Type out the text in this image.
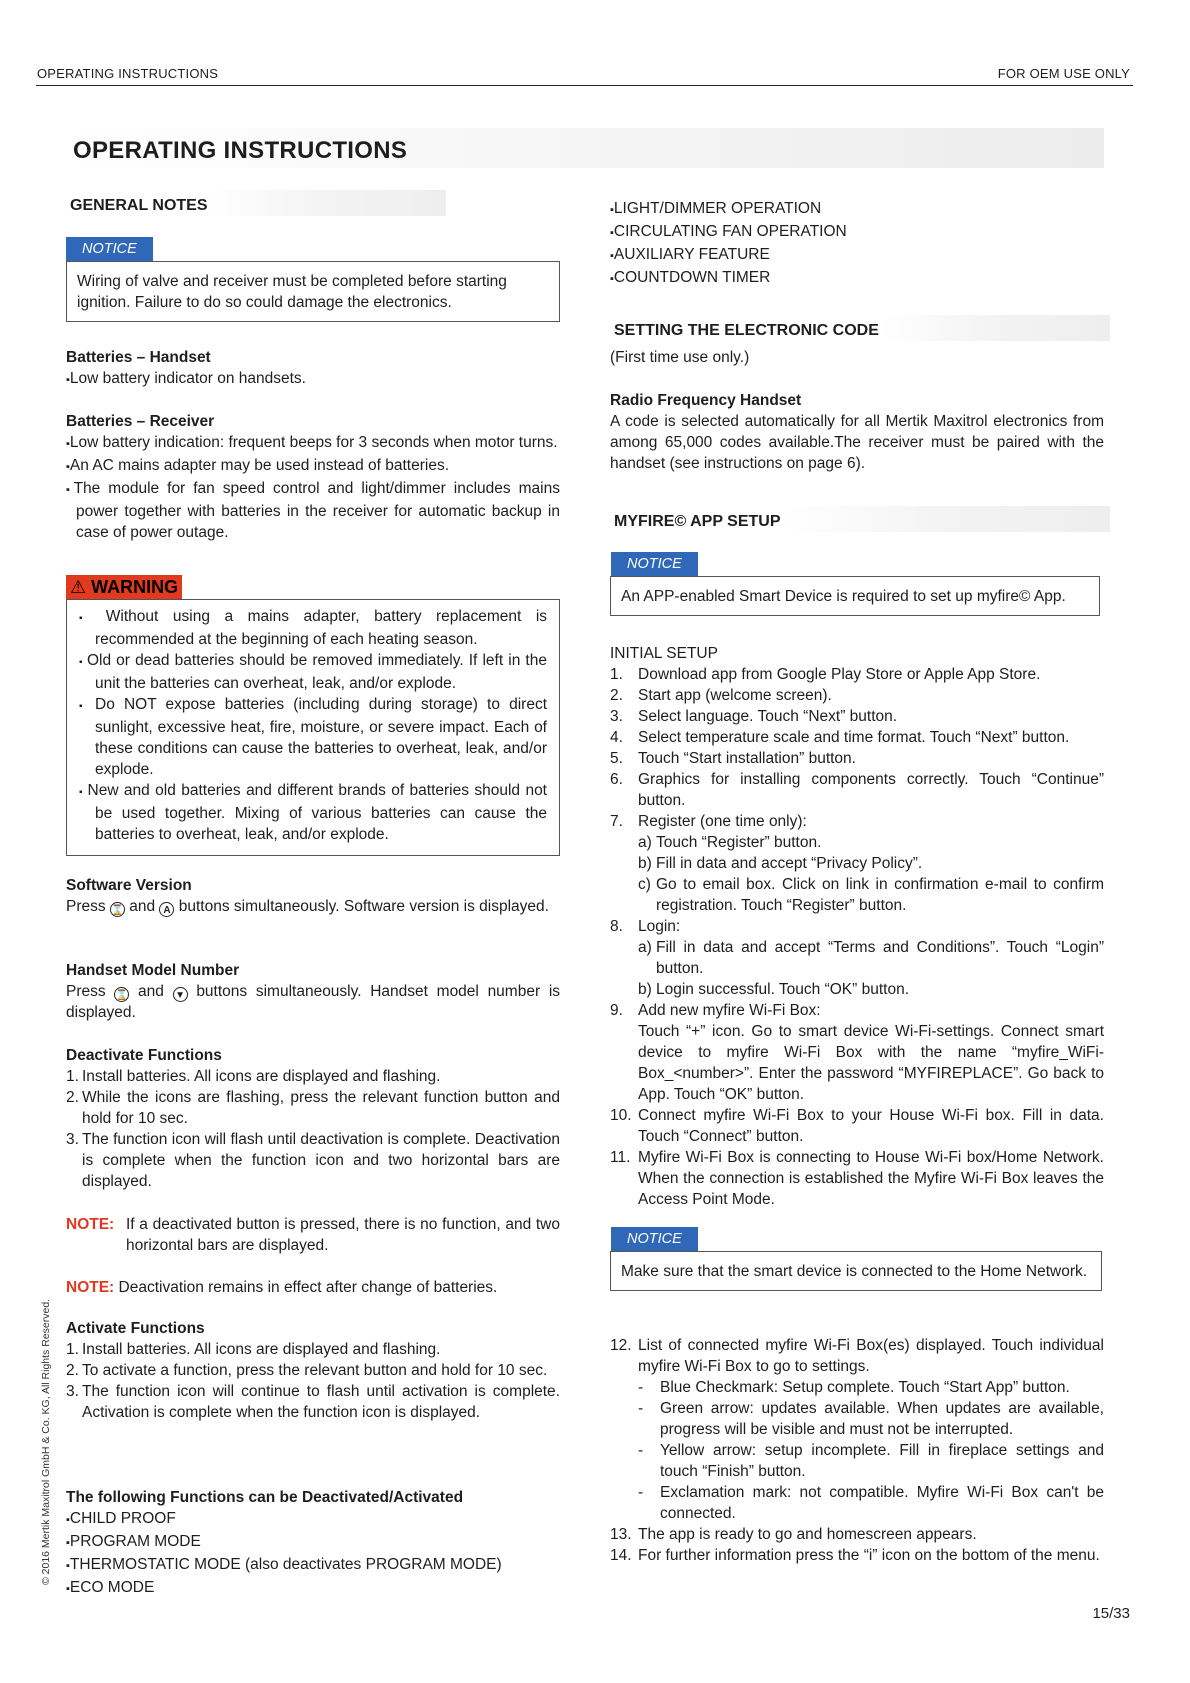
OPERATING INSTRUCTIONS	FOR OEM USE ONLY
OPERATING INSTRUCTIONS
GENERAL NOTES
NOTICE

Wiring of valve and receiver must be completed before starting ignition. Failure to do so could damage the electronics.

Batteries – Handset
▪ Low battery indicator on handsets.
Batteries – Receiver
▪ Low battery indication: frequent beeps for 3 seconds when motor turns.
▪ An AC mains adapter may be used instead of batteries.
▪ The module for fan speed control and light/dimmer includes mains power together with batteries in the receiver for automatic backup in case of power outage.
⚠ WARNING
▪ Without using a mains adapter, battery replacement is recommended at the beginning of each heating season.
▪ Old or dead batteries should be removed immediately. If left in the unit the batteries can overheat, leak, and/or explode.
▪ Do NOT expose batteries (including during storage) to direct sunlight, excessive heat, fire, moisture, or severe impact. Each of these conditions can cause the batteries to overheat, leak, and/or explode.
▪ New and old batteries and different brands of batteries should not be used together. Mixing of various batteries can cause the batteries to overheat, leak, and/or explode.
Software Version

Press ⌛ and A buttons simultaneously. Software version is displayed.

Handset Model Number

Press ⌛ and ▼ buttons simultaneously. Handset model number is displayed.

Deactivate Functions
1. Install batteries. All icons are displayed and flashing.
2. While the icons are flashing, press the relevant function button and hold for 10 sec.
3. The function icon will flash until deactivation is complete. Deactivation is complete when the function icon and two horizontal bars are displayed.
NOTE: If a deactivated button is pressed, there is no function, and two horizontal bars are displayed.
NOTE: Deactivation remains in effect after change of batteries.
Activate Functions
1. Install batteries. All icons are displayed and flashing.
2. To activate a function, press the relevant button and hold for 10 sec.
3. The function icon will continue to flash until activation is complete. Activation is complete when the function icon is displayed.
The following Functions can be Deactivated/Activated
▪ CHILD PROOF
▪ PROGRAM MODE
▪ THERMOSTATIC MODE (also deactivates PROGRAM MODE)
▪ ECO MODE
▪ LIGHT/DIMMER OPERATION
▪ CIRCULATING FAN OPERATION
▪ AUXILIARY FEATURE
▪ COUNTDOWN TIMER
SETTING THE ELECTRONIC CODE

(First time use only.)

Radio Frequency Handset

A code is selected automatically for all Mertik Maxitrol electronics from among 65,000 codes available.The receiver must be paired with the handset (see instructions on page 6).

MYFIRE© APP SETUP
NOTICE

An APP-enabled Smart Device is required to set up myfire© App.

INITIAL SETUP
1. Download app from Google Play Store or Apple App Store.
2. Start app (welcome screen).
3. Select language. Touch “Next” button.
4. Select temperature scale and time format. Touch “Next” button.
5. Touch “Start installation” button.
6. Graphics for installing components correctly. Touch “Continue” button.
7. Register (one time only):
a) Touch “Register” button.
b) Fill in data and accept “Privacy Policy”.
c) Go to email box. Click on link in confirmation e-mail to confirm registration. Touch “Register” button.
8. Login:
a) Fill in data and accept “Terms and Conditions”. Touch “Login” button.
b) Login successful. Touch “OK” button.
9. Add new myfire Wi-Fi Box:
Touch “+” icon. Go to smart device Wi-Fi-settings. Connect smart device to myfire Wi-Fi Box with the name “myfire_WiFi-Box_<number>”. Enter the password “MYFIREPLACE”. Go back to App. Touch “OK” button.
10. Connect myfire Wi-Fi Box to your House Wi-Fi box. Fill in data. Touch “Connect” button.
11. Myfire Wi-Fi Box is connecting to House Wi-Fi box/Home Network. When the connection is established the Myfire Wi-Fi Box leaves the Access Point Mode.
NOTICE

Make sure that the smart device is connected to the Home Network.

12. List of connected myfire Wi-Fi Box(es) displayed. Touch individual myfire Wi-Fi Box to go to settings.
- Blue Checkmark: Setup complete. Touch “Start App” button.
- Green arrow: updates available. When updates are available, progress will be visible and must not be interrupted.
- Yellow arrow: setup incomplete. Fill in fireplace settings and touch “Finish” button.
- Exclamation mark: not compatible. Myfire Wi-Fi Box can't be connected.
13. The app is ready to go and homescreen appears.
14. For further information press the “i” icon on the bottom of the menu.
© 2016 Mertik Maxitrol GmbH & Co. KG, All Rights Reserved.
15/33
